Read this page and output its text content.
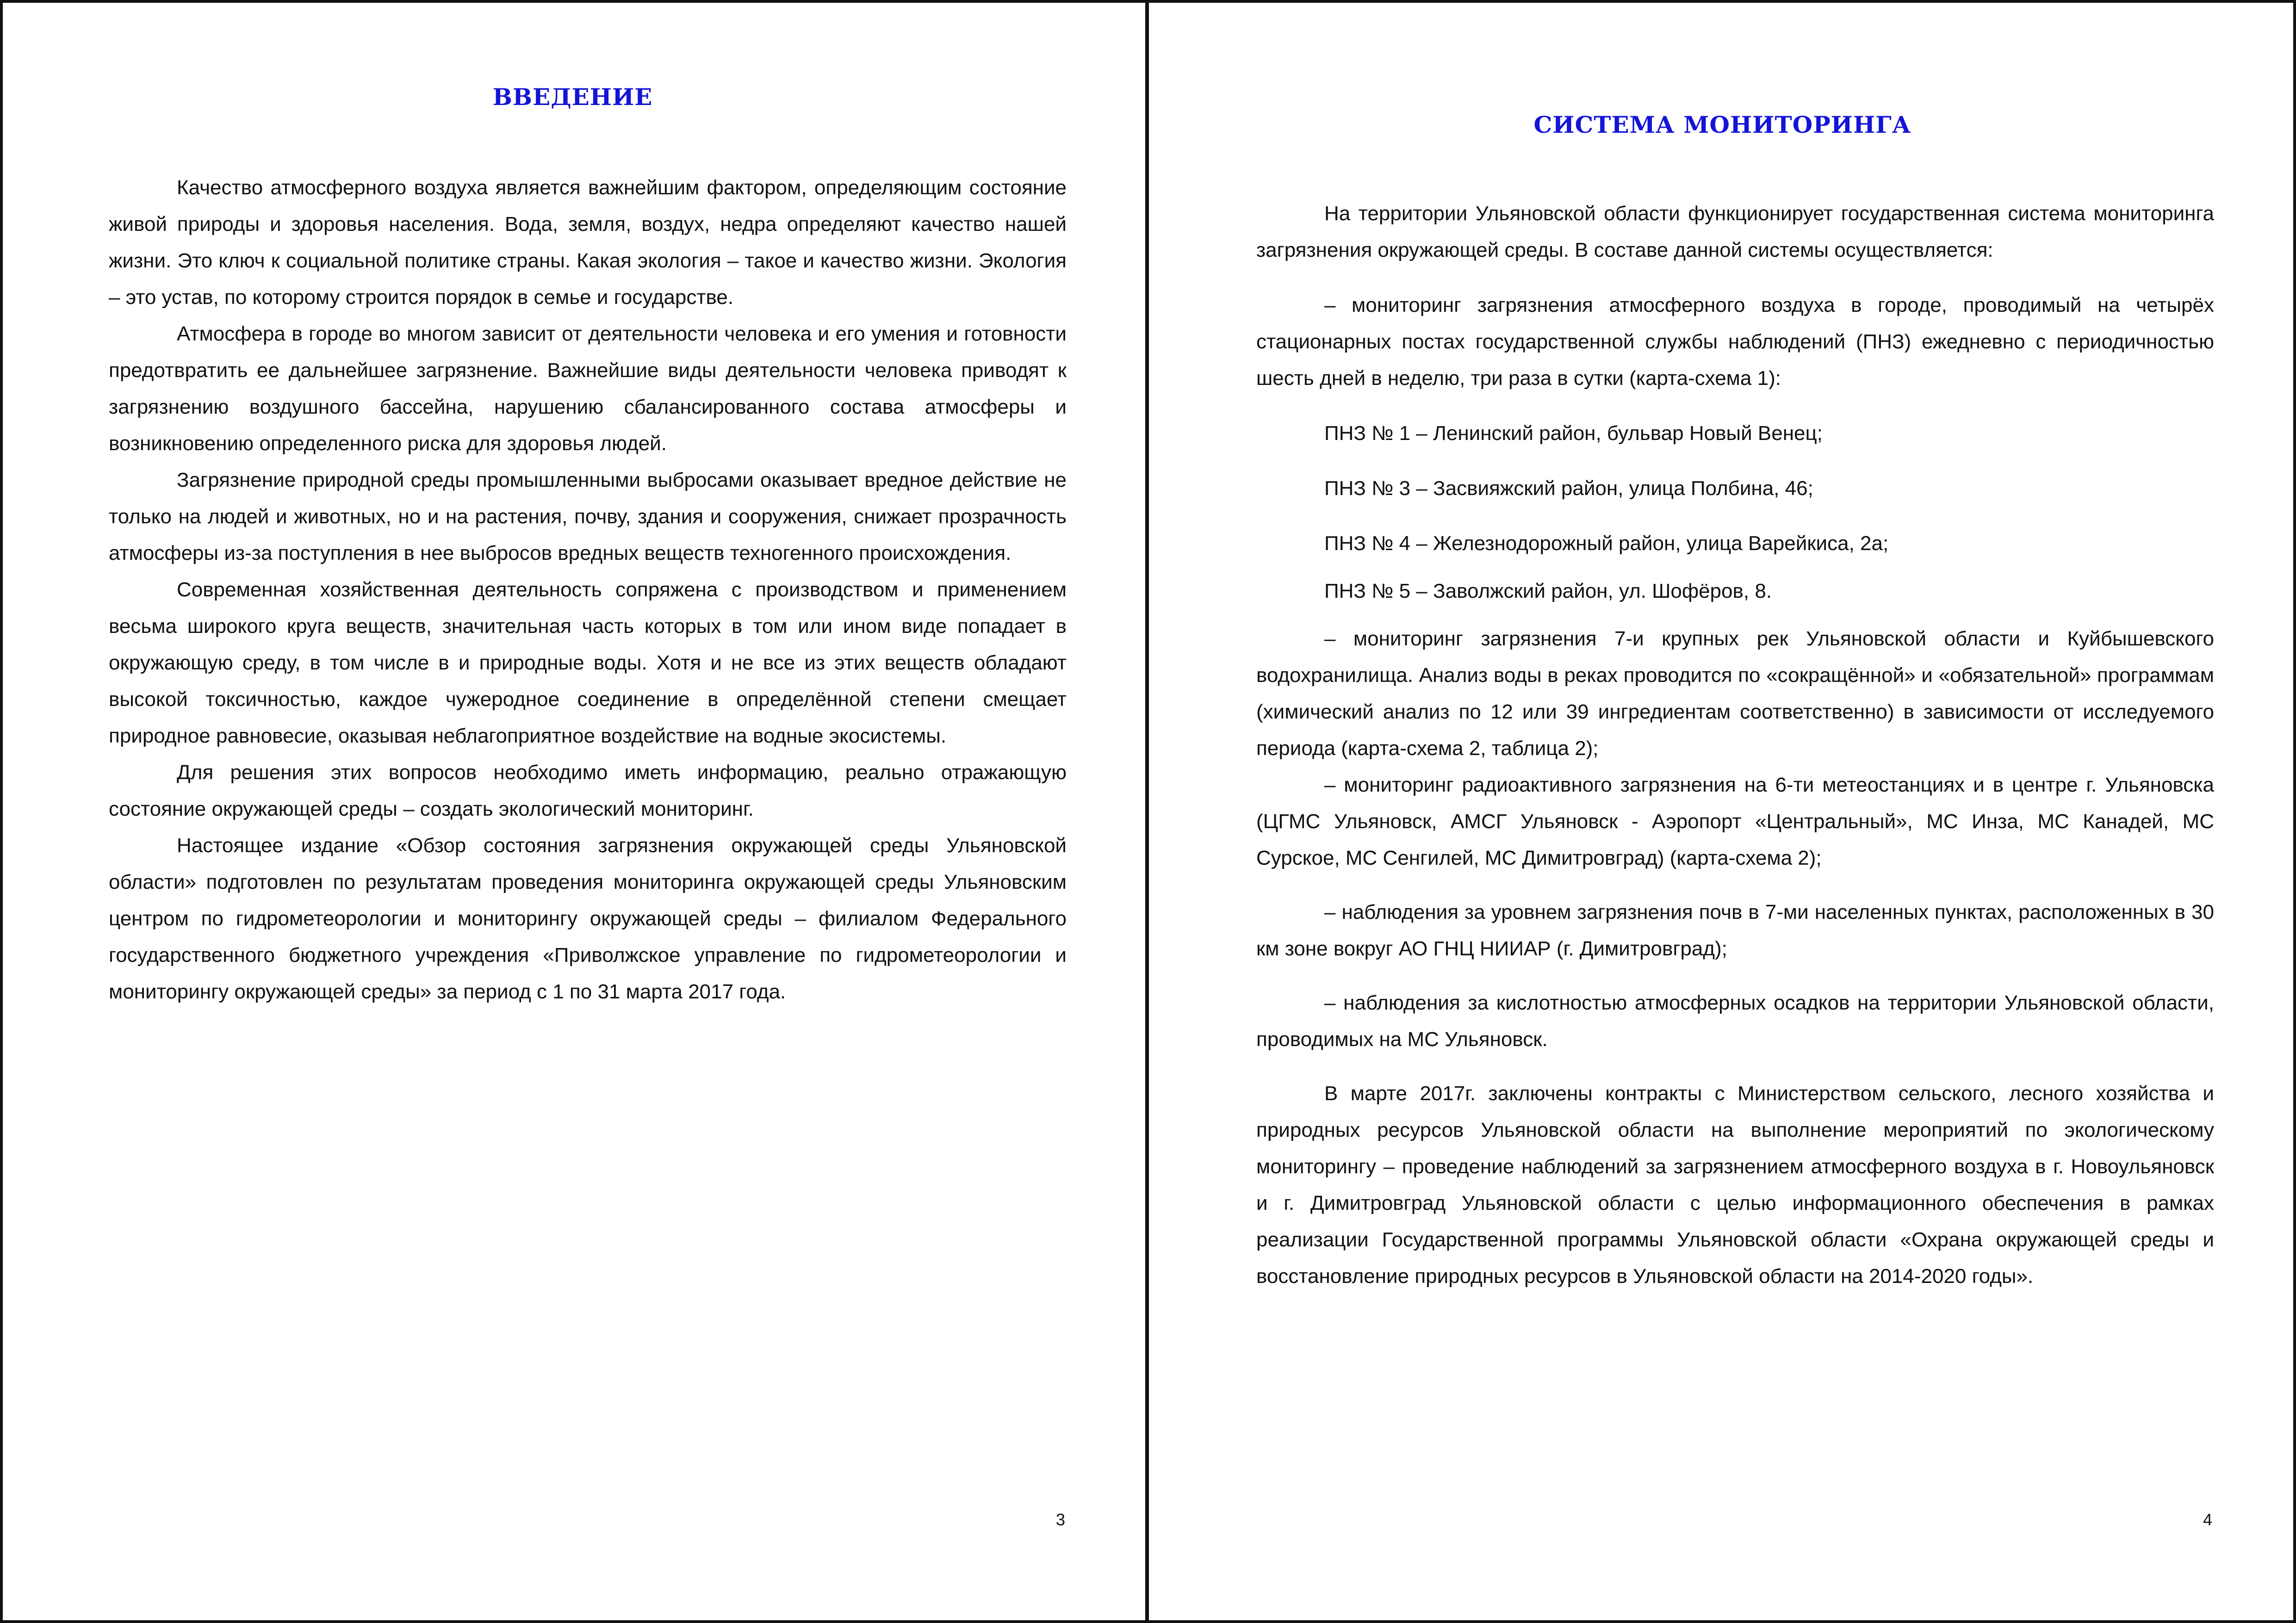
ВВЕДЕНИЕ

Качество атмосферного воздуха является важнейшим фактором, определяющим состояние живой природы и здоровья населения. Вода, земля, воздух, недра определяют качество нашей жизни. Это ключ к социальной политике страны. Какая экология – такое и качество жизни. Экология – это устав, по которому строится порядок в семье и государстве.

Атмосфера в городе во многом зависит от деятельности человека и его умения и готовности предотвратить ее дальнейшее загрязнение. Важнейшие виды деятельности человека приводят к загрязнению воздушного бассейна, нарушению сбалансированного состава атмосферы и возникновению определенного риска для здоровья людей.

Загрязнение природной среды промышленными выбросами оказывает вредное действие не только на людей и животных, но и на растения, почву, здания и сооружения, снижает прозрачность атмосферы из-за поступления в нее выбросов вредных веществ техногенного происхождения.

Современная хозяйственная деятельность сопряжена с производством и применением весьма широкого круга веществ, значительная часть которых в том или ином виде попадает в окружающую среду, в том числе в и природные воды. Хотя и не все из этих веществ обладают высокой токсичностью, каждое чужеродное соединение в определённой степени смещает природное равновесие, оказывая неблагоприятное воздействие на водные экосистемы.

Для решения этих вопросов необходимо иметь информацию, реально отражающую состояние окружающей среды – создать экологический мониторинг.

Настоящее издание «Обзор состояния загрязнения окружающей среды Ульяновской области» подготовлен по результатам проведения мониторинга окружающей среды Ульяновским центром по гидрометеорологии и мониторингу окружающей среды – филиалом Федерального государственного бюджетного учреждения «Приволжское управление по гидрометеорологии и мониторингу окружающей среды» за период с 1 по 31 марта 2017 года.

3
СИСТЕМА МОНИТОРИНГА

На территории Ульяновской области функционирует государственная система мониторинга загрязнения окружающей среды. В составе данной системы осуществляется:

– мониторинг загрязнения атмосферного воздуха в городе, проводимый на четырёх стационарных постах государственной службы наблюдений (ПНЗ) ежедневно с периодичностью шесть дней в неделю, три раза в сутки (карта-схема 1):

ПНЗ № 1 – Ленинский район, бульвар Новый Венец;

ПНЗ № 3 – Засвияжский район, улица Полбина, 46;

ПНЗ № 4 – Железнодорожный район, улица Варейкиса, 2а;

ПНЗ № 5 – Заволжский район, ул. Шофёров, 8.

– мониторинг загрязнения 7-и крупных рек Ульяновской области и Куйбышевского водохранилища. Анализ воды в реках проводится по «сокращённой» и «обязательной» программам (химический анализ по 12 или 39 ингредиентам соответственно) в зависимости от исследуемого периода (карта-схема 2, таблица 2);

– мониторинг радиоактивного загрязнения на 6-ти метеостанциях и в центре г. Ульяновска (ЦГМС Ульяновск, АМСГ Ульяновск - Аэропорт «Центральный», МС Инза, МС Канадей, МС Сурское, МС Сенгилей, МС Димитровград) (карта-схема 2);

– наблюдения за уровнем загрязнения почв в 7-ми населенных пунктах, расположенных в 30 км зоне вокруг АО ГНЦ НИИАР (г. Димитровград);

– наблюдения за кислотностью атмосферных осадков на территории Ульяновской области, проводимых на МС Ульяновск.

В марте 2017г. заключены контракты с Министерством сельского, лесного хозяйства и природных ресурсов Ульяновской области на выполнение мероприятий по экологическому мониторингу – проведение наблюдений за загрязнением атмосферного воздуха в г. Новоульяновск и г. Димитровград Ульяновской области с целью информационного обеспечения в рамках реализации Государственной программы Ульяновской области «Охрана окружающей среды и восстановление природных ресурсов в Ульяновской области на 2014-2020 годы».

4
